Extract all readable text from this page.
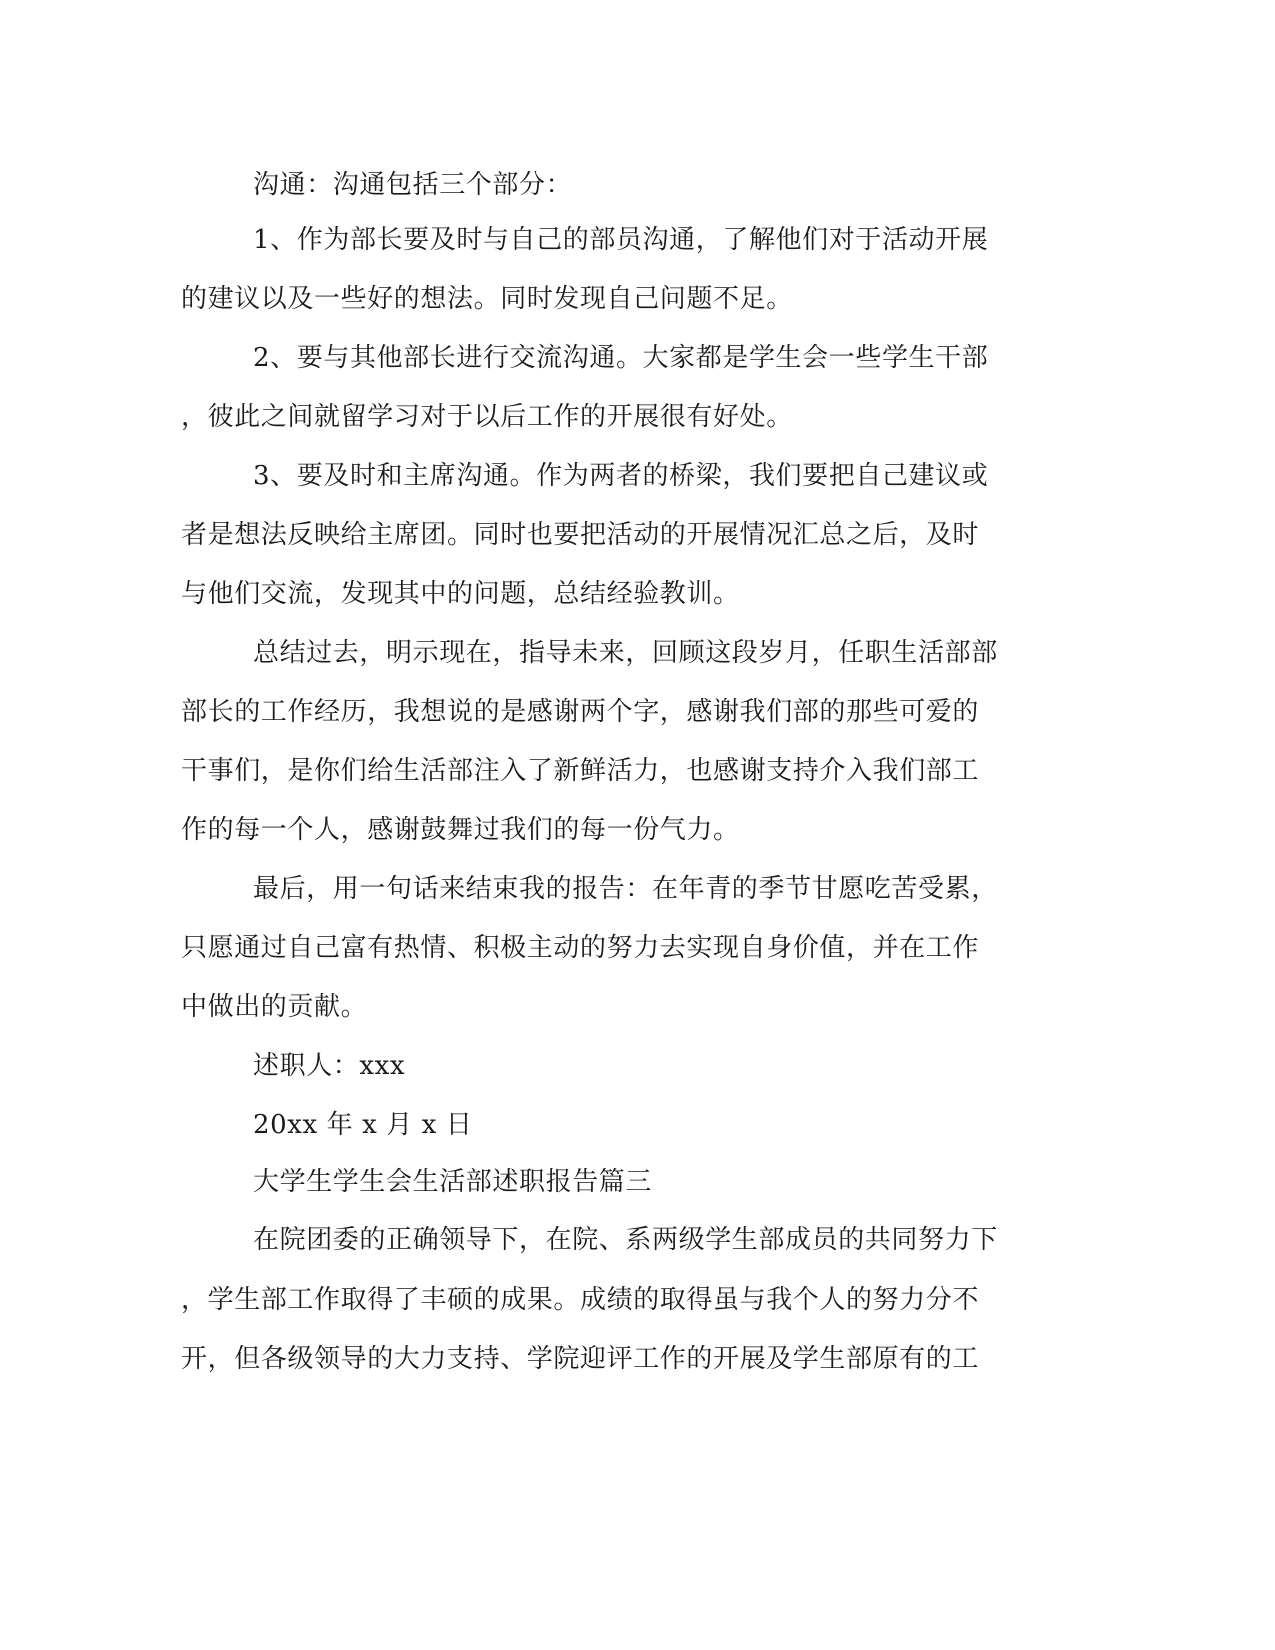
沟通：沟通包括三个部分：
1、作为部长要及时与自己的部员沟通，了解他们对于活动开展
的建议以及一些好的想法。同时发现自己问题不足。
2、要与其他部长进行交流沟通。大家都是学生会一些学生干部
，彼此之间就留学习对于以后工作的开展很有好处。
3、要及时和主席沟通。作为两者的桥梁，我们要把自己建议或
者是想法反映给主席团。同时也要把活动的开展情况汇总之后，及时
与他们交流，发现其中的问题，总结经验教训。
总结过去，明示现在，指导未来，回顾这段岁月，任职生活部部
部长的工作经历，我想说的是感谢两个字，感谢我们部的那些可爱的
干事们，是你们给生活部注入了新鲜活力，也感谢支持介入我们部工
作的每一个人，感谢鼓舞过我们的每一份气力。
最后，用一句话来结束我的报告：在年青的季节甘愿吃苦受累，
只愿通过自己富有热情、积极主动的努力去实现自身价值，并在工作
中做出的贡献。
述职人：xxx
20xx 年 x 月 x 日
大学生学生会生活部述职报告篇三
在院团委的正确领导下，在院、系两级学生部成员的共同努力下
，学生部工作取得了丰硕的成果。成绩的取得虽与我个人的努力分不
开，但各级领导的大力支持、学院迎评工作的开展及学生部原有的工
